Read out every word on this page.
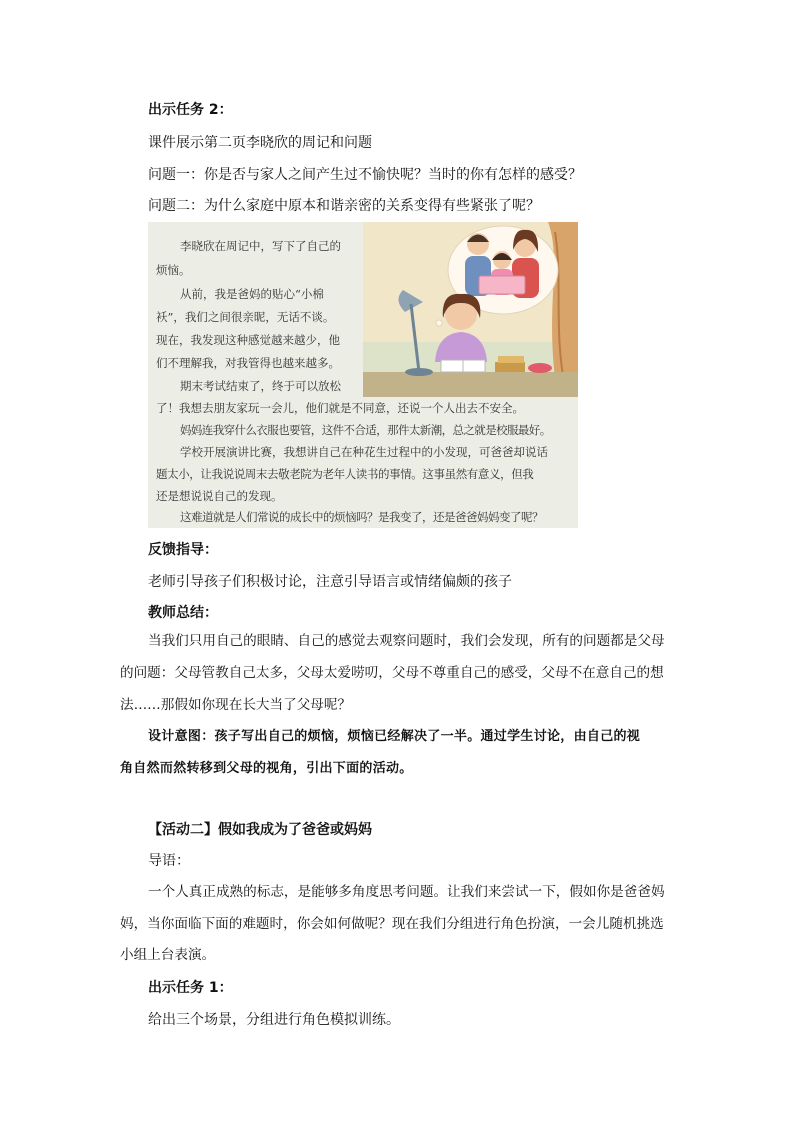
出示任务 2：
课件展示第二页李晓欣的周记和问题
问题一：你是否与家人之间产生过不愉快呢？当时的你有怎样的感受？
问题二：为什么家庭中原本和谐亲密的关系变得有些紧张了呢？
李晓欣在周记中，写下了自己的
烦恼。
从前，我是爸妈的贴心“小棉
袄”，我们之间很亲昵，无话不谈。
现在，我发现这种感觉越来越少，他
们不理解我，对我管得也越来越多。
期末考试结束了，终于可以放松
了！我想去朋友家玩一会儿，他们就是不同意，还说一个人出去不安全。
妈妈连我穿什么衣服也要管，这件不合适，那件太新潮，总之就是校服最好。
学校开展演讲比赛，我想讲自己在种花生过程中的小发现，可爸爸却说话
题太小，让我说说周末去敬老院为老年人读书的事情。这事虽然有意义，但我
还是想说说自己的发现。
这难道就是人们常说的成长中的烦恼吗？是我变了，还是爸爸妈妈变了呢？
反馈指导：
老师引导孩子们积极讨论，注意引导语言或情绪偏颇的孩子
教师总结：
当我们只用自己的眼睛、自己的感觉去观察问题时，我们会发现，所有的问题都是父母
的问题：父母管教自己太多，父母太爱唠叨，父母不尊重自己的感受，父母不在意自己的想
法……那假如你现在长大当了父母呢？
设计意图：孩子写出自己的烦恼，烦恼已经解决了一半。通过学生讨论，由自己的视
角自然而然转移到父母的视角，引出下面的活动。
【活动二】假如我成为了爸爸或妈妈
导语：
一个人真正成熟的标志，是能够多角度思考问题。让我们来尝试一下，假如你是爸爸妈
妈，当你面临下面的难题时，你会如何做呢？现在我们分组进行角色扮演，一会儿随机挑选
小组上台表演。
出示任务 1：
给出三个场景，分组进行角色模拟训练。
